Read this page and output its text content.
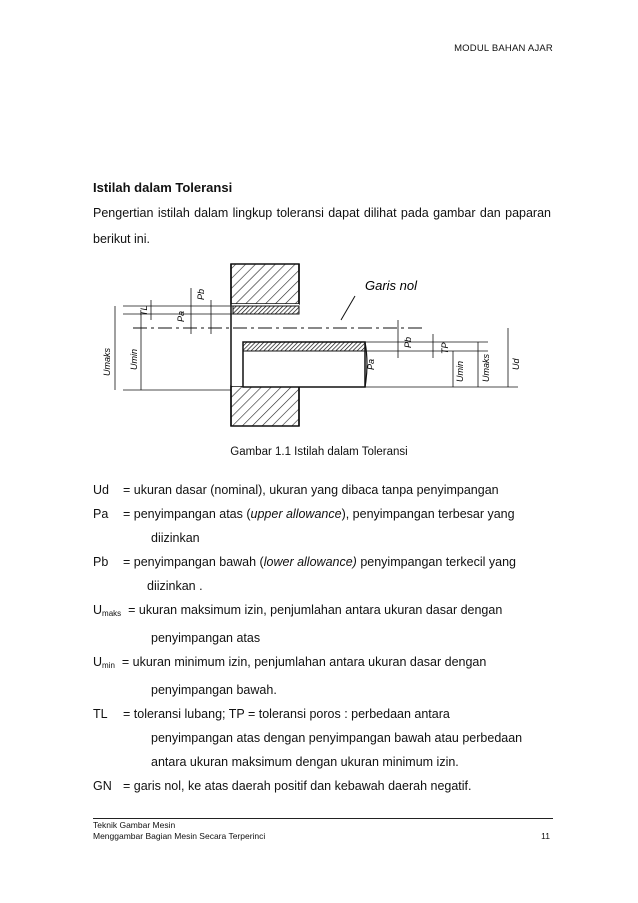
MODUL BAHAN AJAR
Istilah dalam Toleransi
Pengertian istilah dalam lingkup toleransi dapat dilihat pada gambar dan paparan berikut ini.
Garis nol
Umaks Umin
TL
Pb
Pa
Pa
Pb	TP
Umin Umaks Ud
Gambar 1.1 Istilah dalam Toleransi
Ud = ukuran dasar (nominal), ukuran yang dibaca tanpa penyimpangan
Pa = penyimpangan atas (upper allowance), penyimpangan terbesar yang
diizinkan
Pb = penyimpangan bawah (lower allowance) penyimpangan terkecil yang
diizinkan .
$U_{maks}$ = ukuran maksimum izin, penjumlahan antara ukuran dasar dengan
penyimpangan atas
$U_{min}$ = ukuran minimum izin, penjumlahan antara ukuran dasar dengan
penyimpangan bawah.
TL = toleransi lubang; TP = toleransi poros : perbedaan antara
penyimpangan atas dengan penyimpangan bawah atau perbedaan
antara ukuran maksimum dengan ukuran minimum izin.
GN = garis nol, ke atas daerah positif dan kebawah daerah negatif.
Teknik Gambar Mesin
Menggambar Bagian Mesin Secara Terperinci	11
